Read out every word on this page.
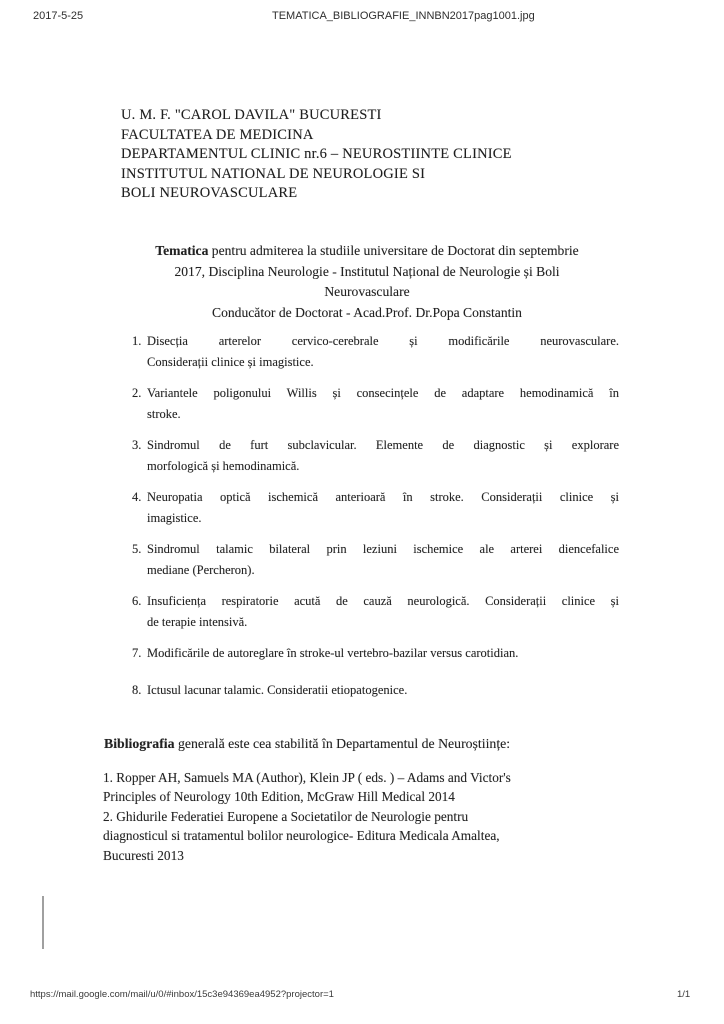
2017-5-25	TEMATICA_BIBLIOGRAFIE_INNBN2017pag1001.jpg
U. M. F. "CAROL DAVILA" BUCURESTI
FACULTATEA DE MEDICINA
DEPARTAMENTUL CLINIC nr.6 – NEUROSTIINTE CLINICE
INSTITUTUL NATIONAL DE NEUROLOGIE SI
BOLI NEUROVASCULARE
Tematica pentru admiterea la studiile universitare de Doctorat din septembrie
2017, Disciplina Neurologie - Institutul Național de Neurologie și Boli
Neurovasculare
Conducător de Doctorat - Acad.Prof. Dr.Popa Constantin
1. Disecția arterelor cervico-cerebrale și modificările neurovasculare.
Considerații clinice și imagistice.
2. Variantele poligonului Willis și consecințele de adaptare hemodinamică în
stroke.
3. Sindromul de furt subclavicular. Elemente de diagnostic și explorare
morfologică și hemodinamică.
4. Neuropatia optică ischemică anterioară în stroke. Considerații clinice și
imagistice.
5. Sindromul talamic bilateral prin leziuni ischemice ale arterei diencefalice
mediane (Percheron).
6. Insuficiența respiratorie acută de cauză neurologică. Considerații clinice și
de terapie intensivă.
7. Modificările de autoreglare în stroke-ul vertebro-bazilar versus carotidian.
8. Ictusul lacunar talamic. Consideratii etiopatogenice.
Bibliografia generală este cea stabilită în Departamentul de Neuroștiințe:
1. Ropper AH, Samuels MA (Author), Klein JP ( eds. ) – Adams and Victor's
Principles of Neurology 10th Edition, McGraw Hill Medical 2014
2. Ghidurile Federatiei Europene a Societatilor de Neurologie pentru
diagnosticul si tratamentul bolilor neurologice- Editura Medicala Amaltea,
Bucuresti 2013
https://mail.google.com/mail/u/0/#inbox/15c3e94369ea4952?projector=1	1/1
